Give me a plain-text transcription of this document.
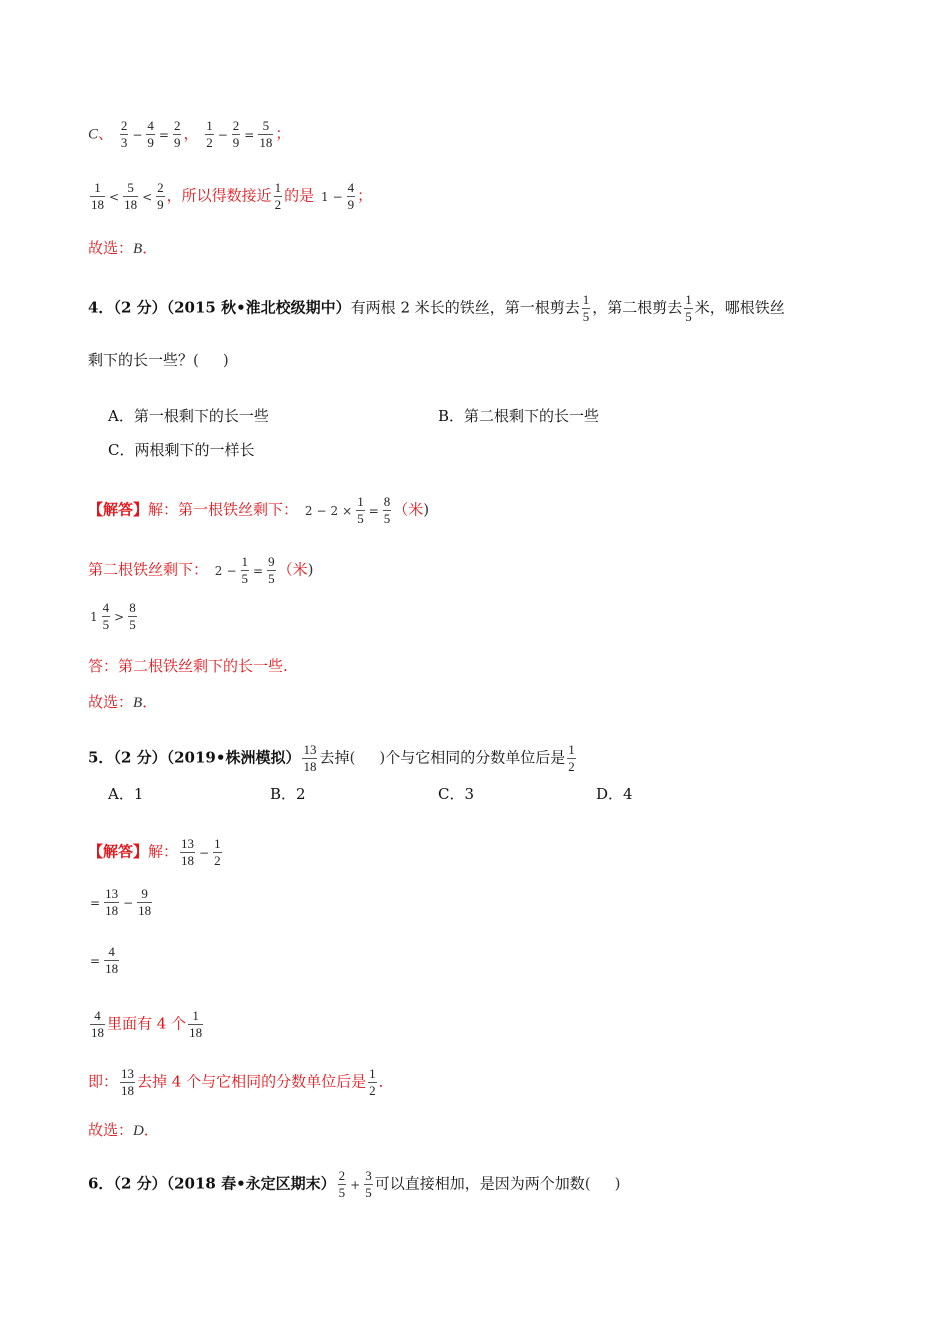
C、 $\frac{2}{3} - \frac{4}{9} = \frac{2}{9}$ ， $\frac{1}{2} - \frac{2}{9} = \frac{5}{18}$ ；
$\frac{1}{18} < \frac{5}{18} < \frac{2}{9}$ ，所以得数接近 $\frac{1}{2}$ 的是 $1 - \frac{4}{9}$ ；
故选：B．
4．（2 分）（2015 秋•淮北校级期中）有两根 2 米长的铁丝，第一根剪去 $\frac{1}{5}$ ，第二根剪去 $\frac{1}{5}$ 米，哪根铁丝
剩下的长一些？( )
A．第一根剩下的长一些	B．第二根剩下的长一些
C．两根剩下的一样长
【解答】解：第一根铁丝剩下： $2 - 2 \times \frac{1}{5} = \frac{8}{5}$ （米)
第二根铁丝剩下： $2 - \frac{1}{5} = \frac{9}{5}$ （米)
$1 \frac{4}{5} > \frac{8}{5}$
答：第二根铁丝剩下的长一些.
故选：B．
5．（2 分）（2019•株洲模拟） $\frac{13}{18}$ 去掉( )个与它相同的分数单位后是 $\frac{1}{2}$
A．1	B．2	C．3	D．4
【解答】解： $\frac{13}{18} - \frac{1}{2}$
= $\frac{13}{18} - \frac{9}{18}$
= $\frac{4}{18}$
$\frac{4}{18}$ 里面有 4 个 $\frac{1}{18}$
即： $\frac{13}{18}$ 去掉 4 个与它相同的分数单位后是 $\frac{1}{2}$ ．
故选：D．
6．（2 分）（2018 春•永定区期末） $\frac{2}{5} + \frac{3}{5}$ 可以直接相加，是因为两个加数( )
